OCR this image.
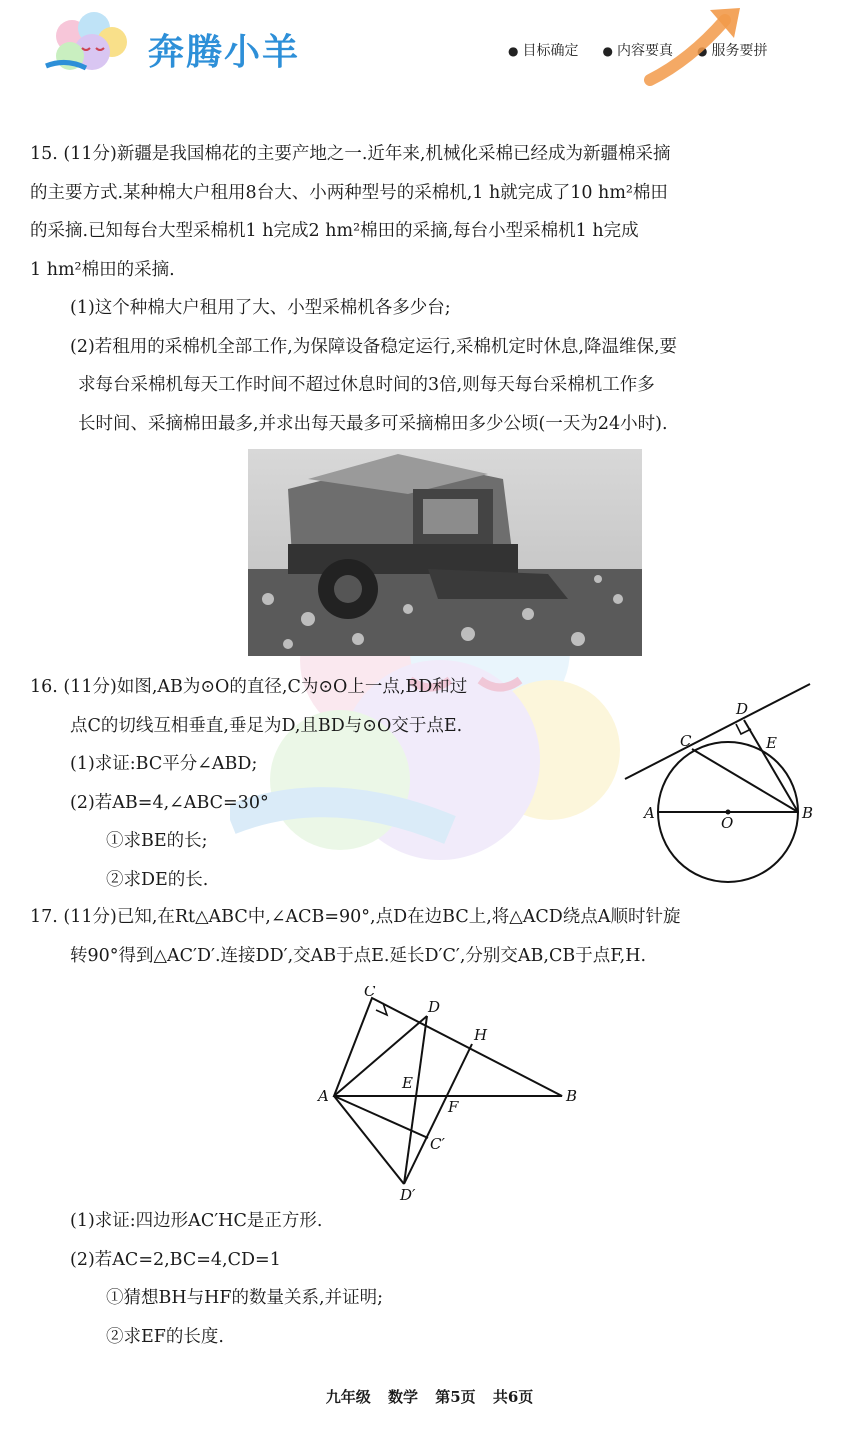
奔腾小羊	● 目标确定	● 内容要真	● 服务要拼

15. (11分)新疆是我国棉花的主要产地之一.近年来,机械化采棉已经成为新疆棉采摘

的主要方式.某种棉大户租用8台大、小两种型号的采棉机,1 h就完成了10 hm²棉田

的采摘.已知每台大型采棉机1 h完成2 hm²棉田的采摘,每台小型采棉机1 h完成

1 hm²棉田的采摘.

(1)这个种棉大户租用了大、小型采棉机各多少台;

(2)若租用的采棉机全部工作,为保障设备稳定运行,采棉机定时休息,降温维保,要

求每台采棉机每天工作时间不超过休息时间的3倍,则每天每台采棉机工作多

长时间、采摘棉田最多,并求出每天最多可采摘棉田多少公顷(一天为24小时).

16. (11分)如图,AB为⊙O的直径,C为⊙O上一点,BD和过

点C的切线互相垂直,垂足为D,且BD与⊙O交于点E.

(1)求证:BC平分∠ABD;

(2)若AB=4,∠ABC=30°

①求BE的长;

②求DE的长.

D
C	E
A
O
B

17. (11分)已知,在Rt△ABC中,∠ACB=90°,点D在边BC上,将△ACD绕点A顺时针旋

转90°得到△AC′D′.连接DD′,交AB于点E.延长D′C′,分别交AB,CB于点F,H.

C
D
H
A
E
F
B
C′
D′

(1)求证:四边形AC′HC是正方形.

(2)若AC=2,BC=4,CD=1

①猜想BH与HF的数量关系,并证明;

②求EF的长度.

九年级 数学 第5页 共6页
